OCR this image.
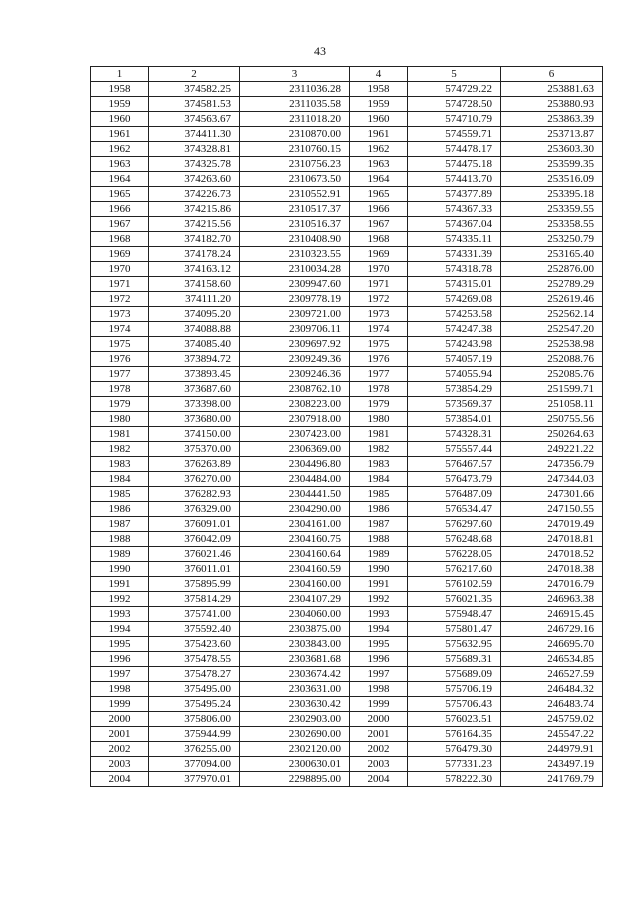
43
1	2	3	4	5	6
1958	374582.25	2311036.28	1958	574729.22	253881.63
1959	374581.53	2311035.58	1959	574728.50	253880.93
1960	374563.67	2311018.20	1960	574710.79	253863.39
1961	374411.30	2310870.00	1961	574559.71	253713.87
1962	374328.81	2310760.15	1962	574478.17	253603.30
1963	374325.78	2310756.23	1963	574475.18	253599.35
1964	374263.60	2310673.50	1964	574413.70	253516.09
1965	374226.73	2310552.91	1965	574377.89	253395.18
1966	374215.86	2310517.37	1966	574367.33	253359.55
1967	374215.56	2310516.37	1967	574367.04	253358.55
1968	374182.70	2310408.90	1968	574335.11	253250.79
1969	374178.24	2310323.55	1969	574331.39	253165.40
1970	374163.12	2310034.28	1970	574318.78	252876.00
1971	374158.60	2309947.60	1971	574315.01	252789.29
1972	374111.20	2309778.19	1972	574269.08	252619.46
1973	374095.20	2309721.00	1973	574253.58	252562.14
1974	374088.88	2309706.11	1974	574247.38	252547.20
1975	374085.40	2309697.92	1975	574243.98	252538.98
1976	373894.72	2309249.36	1976	574057.19	252088.76
1977	373893.45	2309246.36	1977	574055.94	252085.76
1978	373687.60	2308762.10	1978	573854.29	251599.71
1979	373398.00	2308223.00	1979	573569.37	251058.11
1980	373680.00	2307918.00	1980	573854.01	250755.56
1981	374150.00	2307423.00	1981	574328.31	250264.63
1982	375370.00	2306369.00	1982	575557.44	249221.22
1983	376263.89	2304496.80	1983	576467.57	247356.79
1984	376270.00	2304484.00	1984	576473.79	247344.03
1985	376282.93	2304441.50	1985	576487.09	247301.66
1986	376329.00	2304290.00	1986	576534.47	247150.55
1987	376091.01	2304161.00	1987	576297.60	247019.49
1988	376042.09	2304160.75	1988	576248.68	247018.81
1989	376021.46	2304160.64	1989	576228.05	247018.52
1990	376011.01	2304160.59	1990	576217.60	247018.38
1991	375895.99	2304160.00	1991	576102.59	247016.79
1992	375814.29	2304107.29	1992	576021.35	246963.38
1993	375741.00	2304060.00	1993	575948.47	246915.45
1994	375592.40	2303875.00	1994	575801.47	246729.16
1995	375423.60	2303843.00	1995	575632.95	246695.70
1996	375478.55	2303681.68	1996	575689.31	246534.85
1997	375478.27	2303674.42	1997	575689.09	246527.59
1998	375495.00	2303631.00	1998	575706.19	246484.32
1999	375495.24	2303630.42	1999	575706.43	246483.74
2000	375806.00	2302903.00	2000	576023.51	245759.02
2001	375944.99	2302690.00	2001	576164.35	245547.22
2002	376255.00	2302120.00	2002	576479.30	244979.91
2003	377094.00	2300630.01	2003	577331.23	243497.19
2004	377970.01	2298895.00	2004	578222.30	241769.79
